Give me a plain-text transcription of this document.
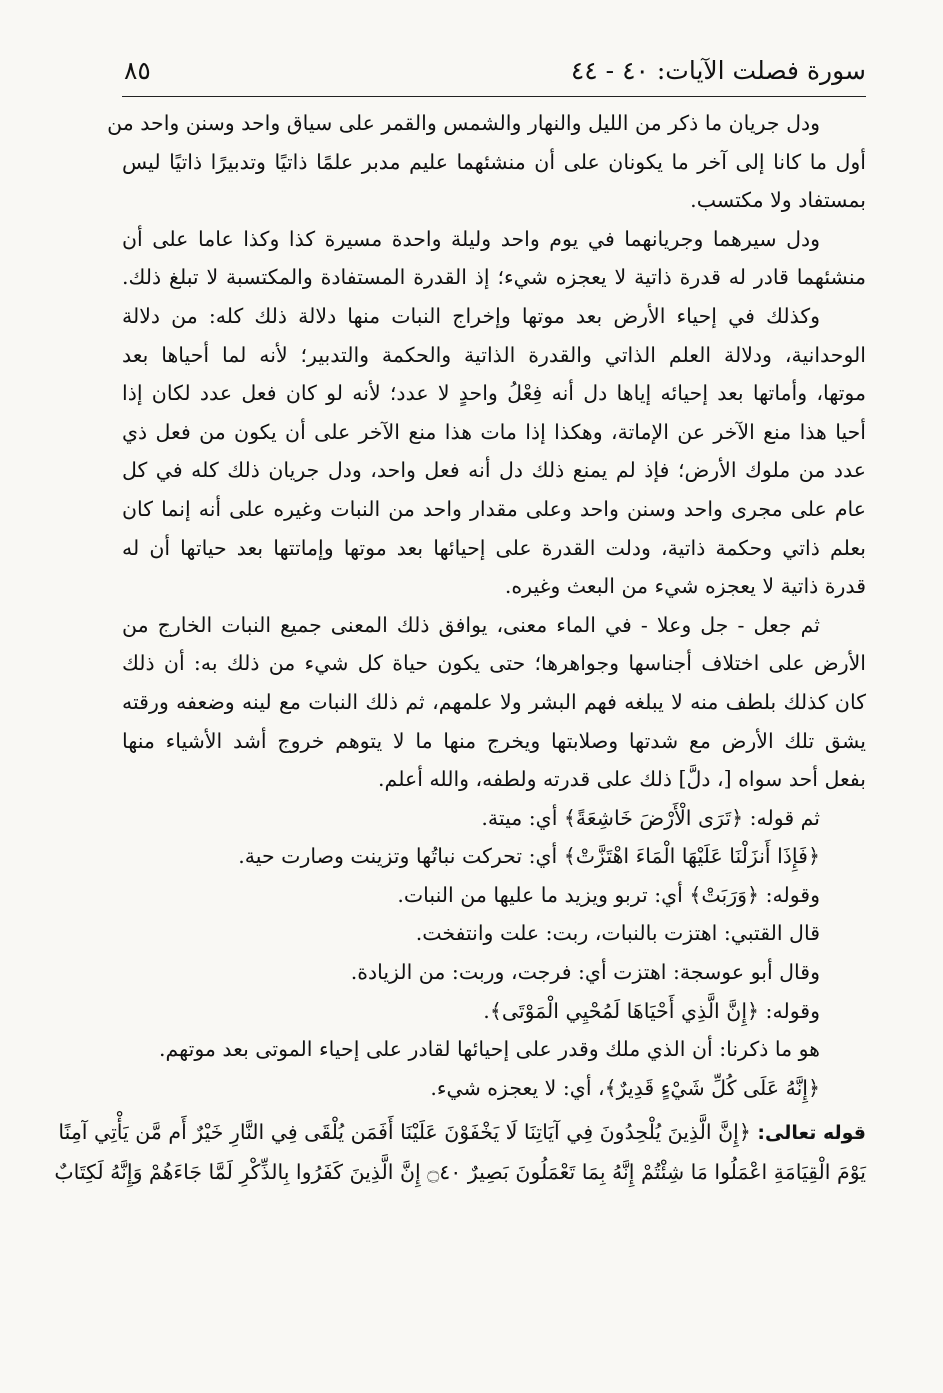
سورة فصلت الآيات: ٤٠ - ٤٤
٨٥
ودل جريان ما ذكر من الليل والنهار والشمس والقمر على سياق واحد وسنن واحد من
أول ما كانا إلى آخر ما يكونان على أن منشئهما عليم مدبر علمًا ذاتيًا وتدبيرًا ذاتيًا ليس
بمستفاد ولا مكتسب.
ودل سيرهما وجريانهما في يوم واحد وليلة واحدة مسيرة كذا وكذا عاما على أن
منشئهما قادر له قدرة ذاتية لا يعجزه شيء؛ إذ القدرة المستفادة والمكتسبة لا تبلغ ذلك.
وكذلك في إحياء الأرض بعد موتها وإخراج النبات منها دلالة ذلك كله: من دلالة
الوحدانية، ودلالة العلم الذاتي والقدرة الذاتية والحكمة والتدبير؛ لأنه لما أحياها بعد
موتها، وأماتها بعد إحيائه إياها دل أنه فِعْلُ واحدٍ لا عدد؛ لأنه لو كان فعل عدد لكان إذا
أحيا هذا منع الآخر عن الإماتة، وهكذا إذا مات هذا منع الآخر على أن يكون من فعل ذي
عدد من ملوك الأرض؛ فإذ لم يمنع ذلك دل أنه فعل واحد، ودل جريان ذلك كله في كل
عام على مجرى واحد وسنن واحد وعلى مقدار واحد من النبات وغيره على أنه إنما كان
بعلم ذاتي وحكمة ذاتية، ودلت القدرة على إحيائها بعد موتها وإماتتها بعد حياتها أن له
قدرة ذاتية لا يعجزه شيء من البعث وغيره.
ثم جعل - جل وعلا - في الماء معنى، يوافق ذلك المعنى جميع النبات الخارج من
الأرض على اختلاف أجناسها وجواهرها؛ حتى يكون حياة كل شيء من ذلك به: أن ذلك
كان كذلك بلطف منه لا يبلغه فهم البشر ولا علمهم، ثم ذلك النبات مع لينه وضعفه ورقته
يشق تلك الأرض مع شدتها وصلابتها ويخرج منها ما لا يتوهم خروج أشد الأشياء منها
بفعل أحد سواه [، دلَّ] ذلك على قدرته ولطفه، والله أعلم.
ثم قوله: ﴿تَرَى الْأَرْضَ خَاشِعَةً﴾ أي: ميتة.
﴿فَإِذَا أَنزَلْنَا عَلَيْهَا الْمَاءَ اهْتَزَّتْ﴾ أي: تحركت نباتُها وتزينت وصارت حية.
وقوله: ﴿وَرَبَتْ﴾ أي: تربو ويزيد ما عليها من النبات.
قال القتبي: اهتزت بالنبات، ربت: علت وانتفخت.
وقال أبو عوسجة: اهتزت أي: فرجت، وربت: من الزيادة.
وقوله: ﴿إِنَّ الَّذِي أَحْيَاهَا لَمُحْيِي الْمَوْتَى﴾.
هو ما ذكرنا: أن الذي ملك وقدر على إحيائها لقادر على إحياء الموتى بعد موتهم.
﴿إِنَّهُ عَلَى كُلِّ شَيْءٍ قَدِيرٌ﴾، أي: لا يعجزه شيء.
قوله تعالى: ﴿إِنَّ الَّذِينَ يُلْحِدُونَ فِي آيَاتِنَا لَا يَخْفَوْنَ عَلَيْنَا أَفَمَن يُلْقَى فِي النَّارِ خَيْرٌ أَم مَّن يَأْتِي آمِنًا
يَوْمَ الْقِيَامَةِ اعْمَلُوا مَا شِئْتُمْ إِنَّهُ بِمَا تَعْمَلُونَ بَصِيرٌ ۝٤٠ إِنَّ الَّذِينَ كَفَرُوا بِالذِّكْرِ لَمَّا جَاءَهُمْ وَإِنَّهُ لَكِتَابٌ
